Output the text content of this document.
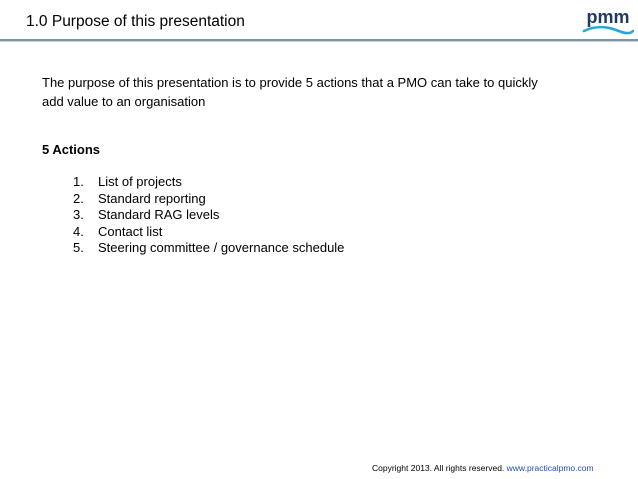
1.0 Purpose of this presentation	pmm
The purpose of this presentation is to provide 5 actions that a PMO can take to quickly
add value to an organisation
5 Actions
1. List of projects
2. Standard reporting
3. Standard RAG levels
4. Contact list
5. Steering committee / governance schedule
Copyright 2013. All rights reserved. www.practicalpmo.com
